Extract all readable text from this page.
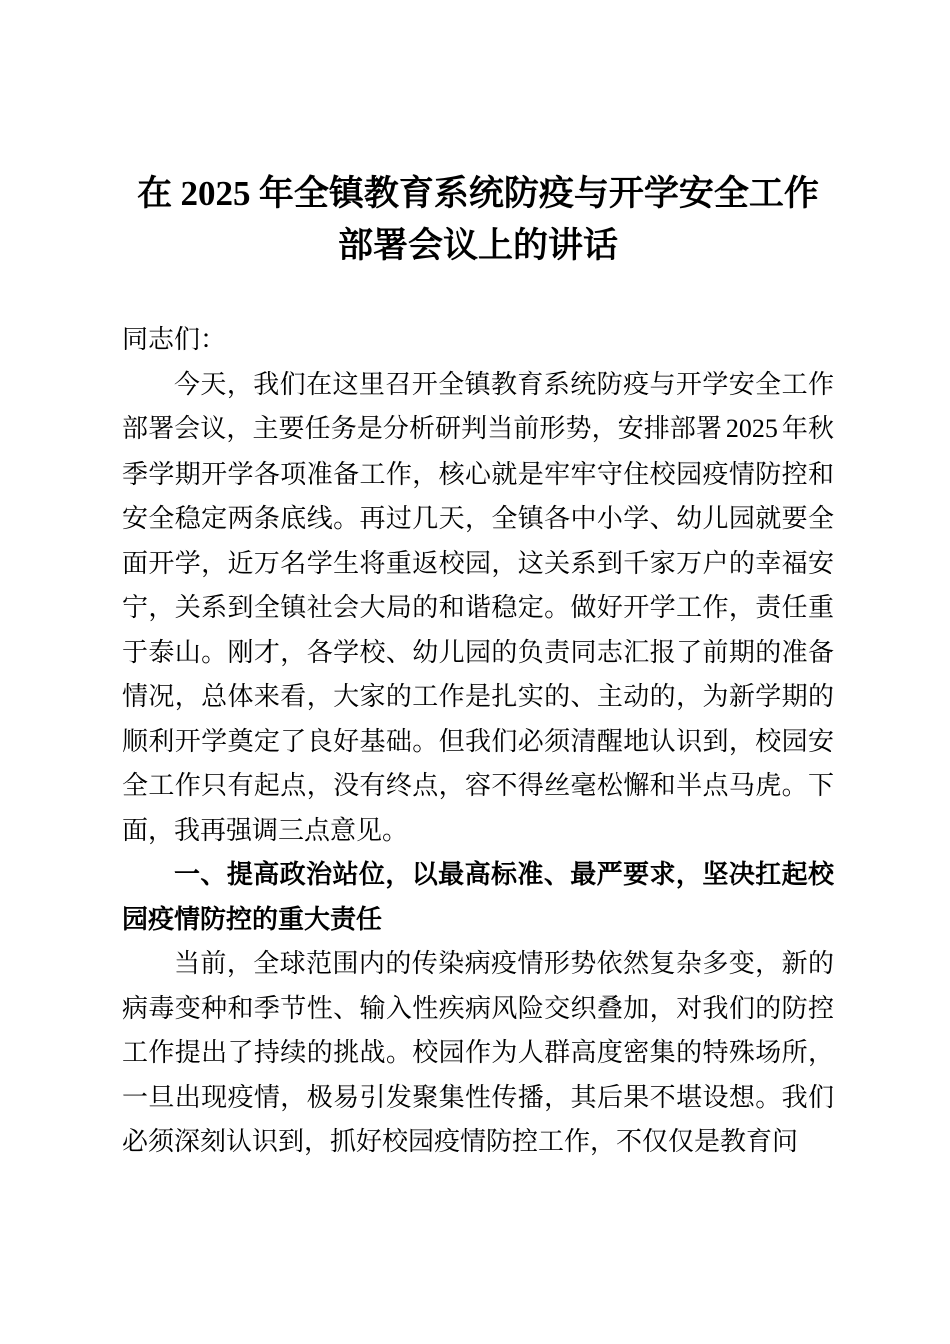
在 2025 年全镇教育系统防疫与开学安全工作
部署会议上的讲话

同志们：

今天，我们在这里召开全镇教育系统防疫与开学安全工作部署会议，主要任务是分析研判当前形势，安排部署 2025 年秋季学期开学各项准备工作，核心就是牢牢守住校园疫情防控和安全稳定两条底线。再过几天，全镇各中小学、幼儿园就要全面开学，近万名学生将重返校园，这关系到千家万户的幸福安宁，关系到全镇社会大局的和谐稳定。做好开学工作，责任重于泰山。刚才，各学校、幼儿园的负责同志汇报了前期的准备情况，总体来看，大家的工作是扎实的、主动的，为新学期的顺利开学奠定了良好基础。但我们必须清醒地认识到，校园安全工作只有起点，没有终点，容不得丝毫松懈和半点马虎。下面，我再强调三点意见。

一、提高政治站位，以最高标准、最严要求，坚决扛起校园疫情防控的重大责任

当前，全球范围内的传染病疫情形势依然复杂多变，新的病毒变种和季节性、输入性疾病风险交织叠加，对我们的防控工作提出了持续的挑战。校园作为人群高度密集的特殊场所，一旦出现疫情，极易引发聚集性传播，其后果不堪设想。我们必须深刻认识到，抓好校园疫情防控工作，不仅仅是教育问
